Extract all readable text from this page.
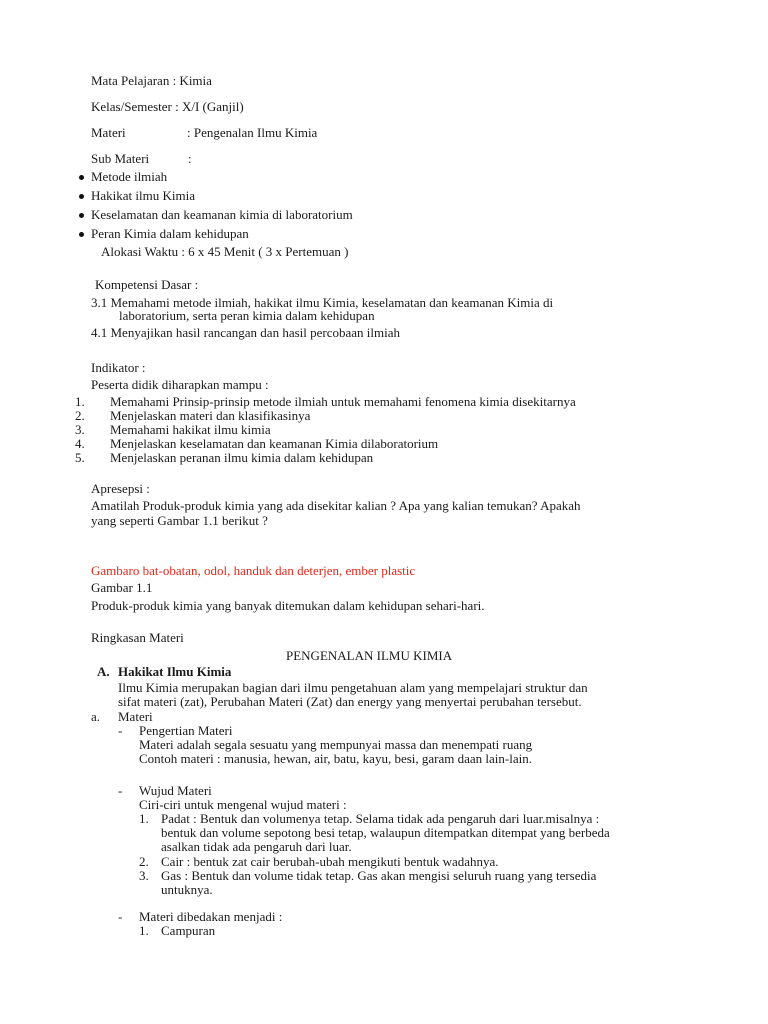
Mata Pelajaran : Kimia
Kelas/Semester : X/I (Ganjil)
Materi	: Pengenalan Ilmu Kimia
Sub Materi	:
Metode ilmiah
Hakikat ilmu Kimia
Keselamatan dan keamanan kimia di laboratorium
Peran Kimia dalam kehidupan
Alokasi Waktu : 6 x 45 Menit ( 3 x Pertemuan )
Kompetensi Dasar :
3.1 Memahami metode ilmiah, hakikat ilmu Kimia, keselamatan dan keamanan Kimia di
laboratorium, serta peran kimia dalam kehidupan
4.1 Menyajikan hasil rancangan dan hasil percobaan ilmiah
Indikator :
Peserta didik diharapkan mampu :
1. Memahami Prinsip-prinsip metode ilmiah untuk memahami fenomena kimia disekitarnya
2. Menjelaskan materi dan klasifikasinya
3. Memahami hakikat ilmu kimia
4. Menjelaskan keselamatan dan keamanan Kimia dilaboratorium
5. Menjelaskan peranan ilmu kimia dalam kehidupan
Apresepsi :
Amatilah Produk-produk kimia yang ada disekitar kalian ? Apa yang kalian temukan? Apakah
yang seperti Gambar 1.1 berikut ?
Gambaro bat-obatan, odol, handuk dan deterjen, ember plastic
Gambar 1.1
Produk-produk kimia yang banyak ditemukan dalam kehidupan sehari-hari.
Ringkasan Materi
PENGENALAN ILMU KIMIA
A. Hakikat Ilmu Kimia
Ilmu Kimia merupakan bagian dari ilmu pengetahuan alam yang mempelajari struktur dan
sifat materi (zat), Perubahan Materi (Zat) dan energy yang menyertai perubahan tersebut.
a. Materi
- Pengertian Materi
Materi adalah segala sesuatu yang mempunyai massa dan menempati ruang
Contoh materi : manusia, hewan, air, batu, kayu, besi, garam daan lain-lain.
- Wujud Materi
Ciri-ciri untuk mengenal wujud materi :
1. Padat : Bentuk dan volumenya tetap. Selama tidak ada pengaruh dari luar.misalnya :
bentuk dan volume sepotong besi tetap, walaupun ditempatkan ditempat yang berbeda
asalkan tidak ada pengaruh dari luar.
2. Cair : bentuk zat cair berubah-ubah mengikuti bentuk wadahnya.
3. Gas : Bentuk dan volume tidak tetap. Gas akan mengisi seluruh ruang yang tersedia
untuknya.
- Materi dibedakan menjadi :
1. Campuran
